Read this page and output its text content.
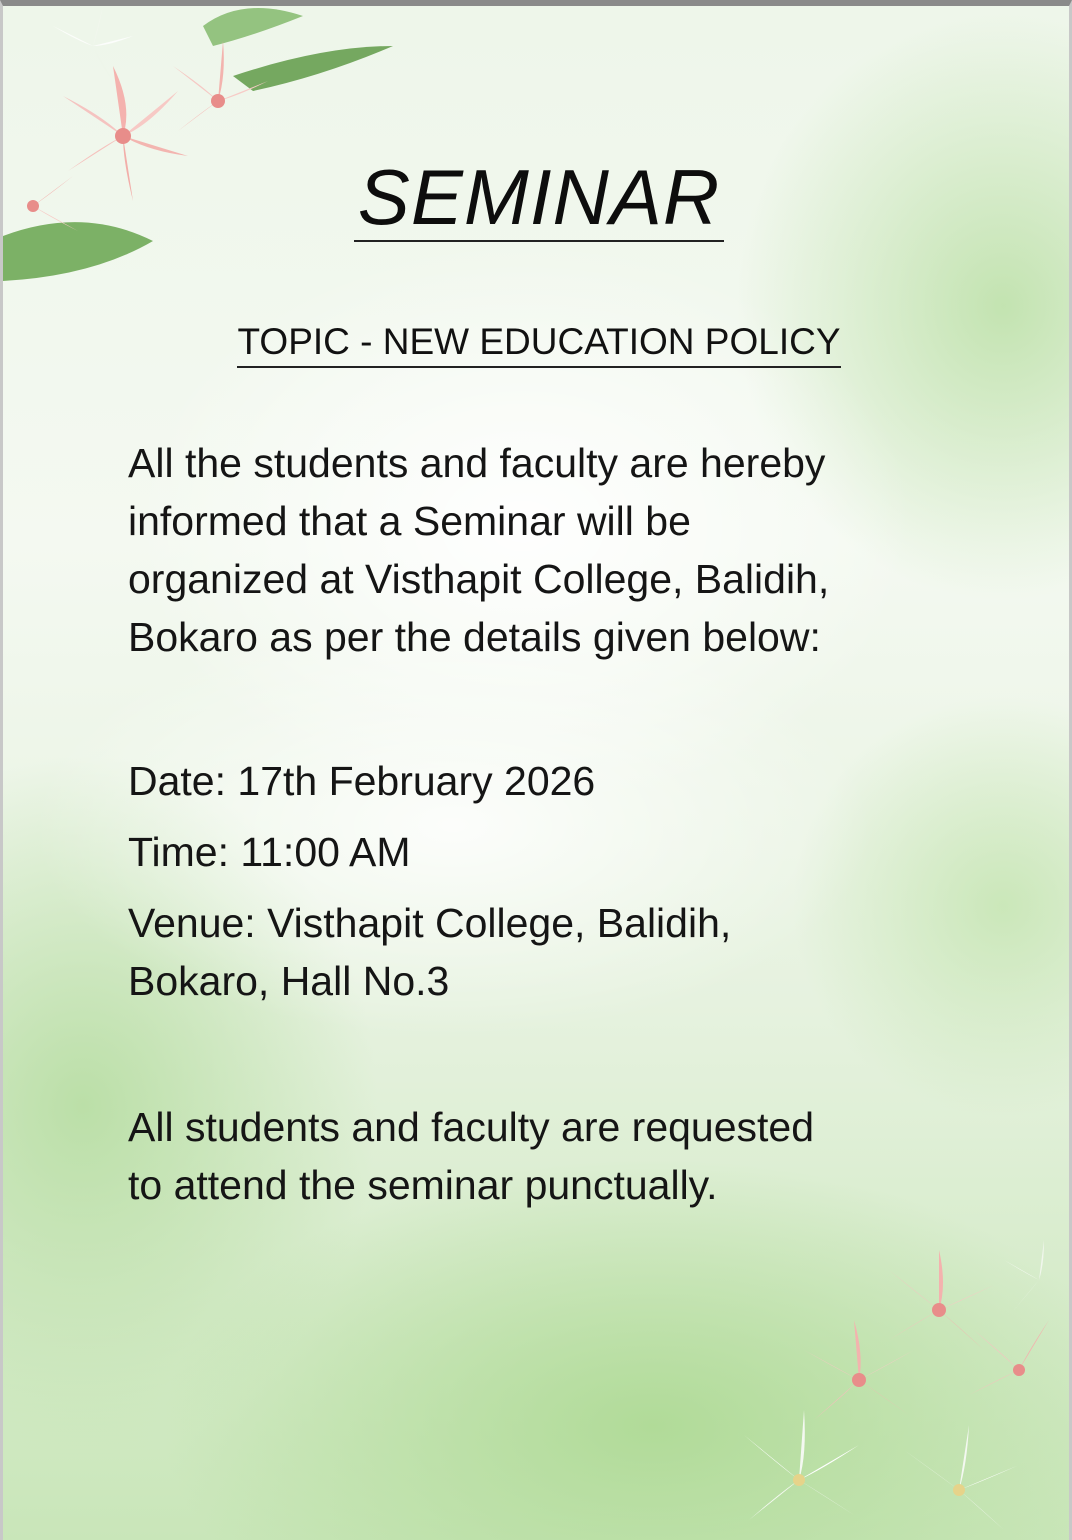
SEMINAR
TOPIC - NEW EDUCATION POLICY
All the students and faculty are hereby
informed that a Seminar will be
organized at Visthapit College, Balidih,
Bokaro as per the details given below:
Date: 17th February 2026
Time: 11:00 AM
Venue: Visthapit College, Balidih,
Bokaro, Hall No.3
All students and faculty are requested
to attend the seminar punctually.
